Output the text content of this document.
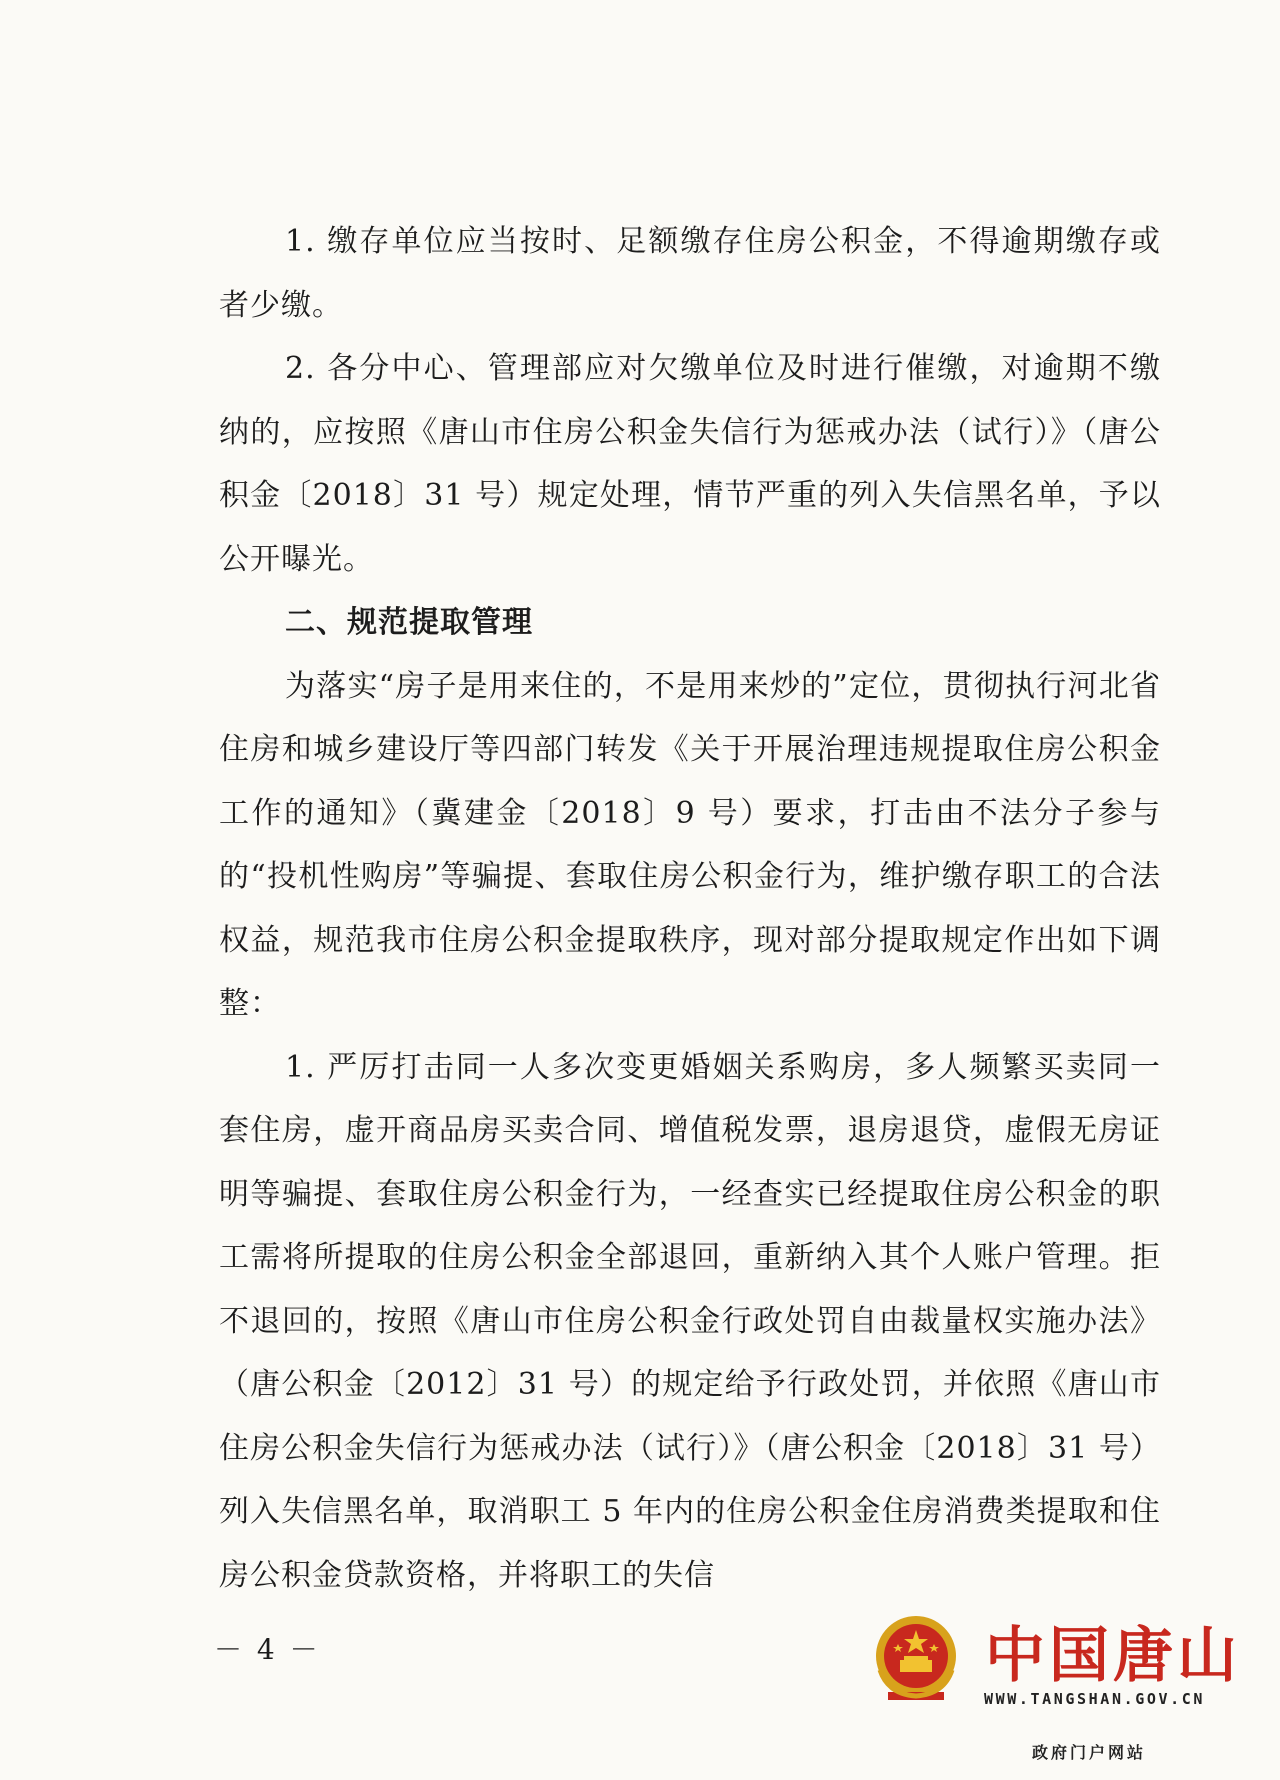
1. 缴存单位应当按时、足额缴存住房公积金，不得逾期缴存或者少缴。

2. 各分中心、管理部应对欠缴单位及时进行催缴，对逾期不缴纳的，应按照《唐山市住房公积金失信行为惩戒办法（试行）》（唐公积金〔2018〕31 号）规定处理，情节严重的列入失信黑名单，予以公开曝光。

二、规范提取管理

为落实“房子是用来住的，不是用来炒的”定位，贯彻执行河北省住房和城乡建设厅等四部门转发《关于开展治理违规提取住房公积金工作的通知》（冀建金〔2018〕9 号）要求，打击由不法分子参与的“投机性购房”等骗提、套取住房公积金行为，维护缴存职工的合法权益，规范我市住房公积金提取秩序，现对部分提取规定作出如下调整：

1. 严厉打击同一人多次变更婚姻关系购房，多人频繁买卖同一套住房，虚开商品房买卖合同、增值税发票，退房退贷，虚假无房证明等骗提、套取住房公积金行为，一经查实已经提取住房公积金的职工需将所提取的住房公积金全部退回，重新纳入其个人账户管理。拒不退回的，按照《唐山市住房公积金行政处罚自由裁量权实施办法》（唐公积金〔2012〕31 号）的规定给予行政处罚，并依照《唐山市住房公积金失信行为惩戒办法（试行）》（唐公积金〔2018〕31 号）列入失信黑名单，取消职工 5 年内的住房公积金住房消费类提取和住房公积金贷款资格，并将职工的失信

－ 4 －	中国唐山
WWW.TANGSHAN.GOV.CN
政府门户网站
